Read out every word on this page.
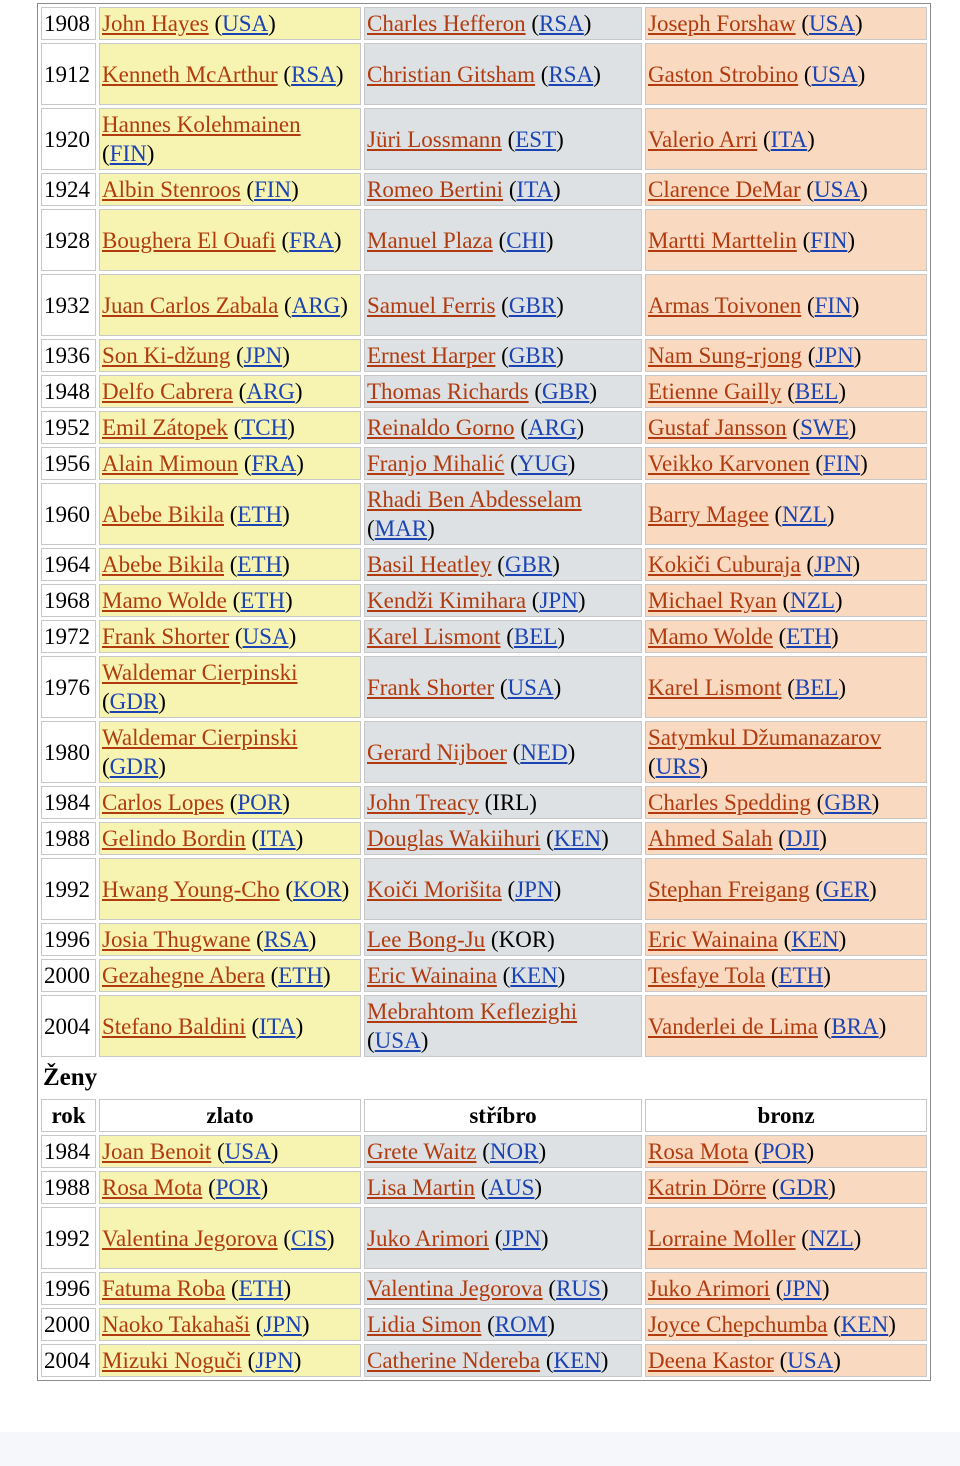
1908	John Hayes (USA)	Charles Hefferon (RSA)	Joseph Forshaw (USA)
1912	Kenneth McArthur (RSA)	Christian Gitsham (RSA)	Gaston Strobino (USA)
1920	Hannes Kolehmainen (FIN)	Jüri Lossmann (EST)	Valerio Arri (ITA)
1924	Albin Stenroos (FIN)	Romeo Bertini (ITA)	Clarence DeMar (USA)
1928	Boughera El Ouafi (FRA)	Manuel Plaza (CHI)	Martti Marttelin (FIN)
1932	Juan Carlos Zabala (ARG)	Samuel Ferris (GBR)	Armas Toivonen (FIN)
1936	Son Ki-džung (JPN)	Ernest Harper (GBR)	Nam Sung-rjong (JPN)
1948	Delfo Cabrera (ARG)	Thomas Richards (GBR)	Etienne Gailly (BEL)
1952	Emil Zátopek (TCH)	Reinaldo Gorno (ARG)	Gustaf Jansson (SWE)
1956	Alain Mimoun (FRA)	Franjo Mihalić (YUG)	Veikko Karvonen (FIN)
1960	Abebe Bikila (ETH)	Rhadi Ben Abdesselam (MAR)	Barry Magee (NZL)
1964	Abebe Bikila (ETH)	Basil Heatley (GBR)	Kokiči Cuburaja (JPN)
1968	Mamo Wolde (ETH)	Kendži Kimihara (JPN)	Michael Ryan (NZL)
1972	Frank Shorter (USA)	Karel Lismont (BEL)	Mamo Wolde (ETH)
1976	Waldemar Cierpinski (GDR)	Frank Shorter (USA)	Karel Lismont (BEL)
1980	Waldemar Cierpinski (GDR)	Gerard Nijboer (NED)	Satymkul Džumanazarov (URS)
1984	Carlos Lopes (POR)	John Treacy (IRL)	Charles Spedding (GBR)
1988	Gelindo Bordin (ITA)	Douglas Wakiihuri (KEN)	Ahmed Salah (DJI)
1992	Hwang Young-Cho (KOR)	Koiči Morišita (JPN)	Stephan Freigang (GER)
1996	Josia Thugwane (RSA)	Lee Bong-Ju (KOR)	Eric Wainaina (KEN)
2000	Gezahegne Abera (ETH)	Eric Wainaina (KEN)	Tesfaye Tola (ETH)
2004	Stefano Baldini (ITA)	Mebrahtom Keflezighi (USA)	Vanderlei de Lima (BRA)
Ženy			
rok	zlato	stříbro	bronz
1984	Joan Benoit (USA)	Grete Waitz (NOR)	Rosa Mota (POR)
1988	Rosa Mota (POR)	Lisa Martin (AUS)	Katrin Dörre (GDR)
1992	Valentina Jegorova (CIS)	Juko Arimori (JPN)	Lorraine Moller (NZL)
1996	Fatuma Roba (ETH)	Valentina Jegorova (RUS)	Juko Arimori (JPN)
2000	Naoko Takahaši (JPN)	Lidia Simon (ROM)	Joyce Chepchumba (KEN)
2004	Mizuki Noguči (JPN)	Catherine Ndereba (KEN)	Deena Kastor (USA)
